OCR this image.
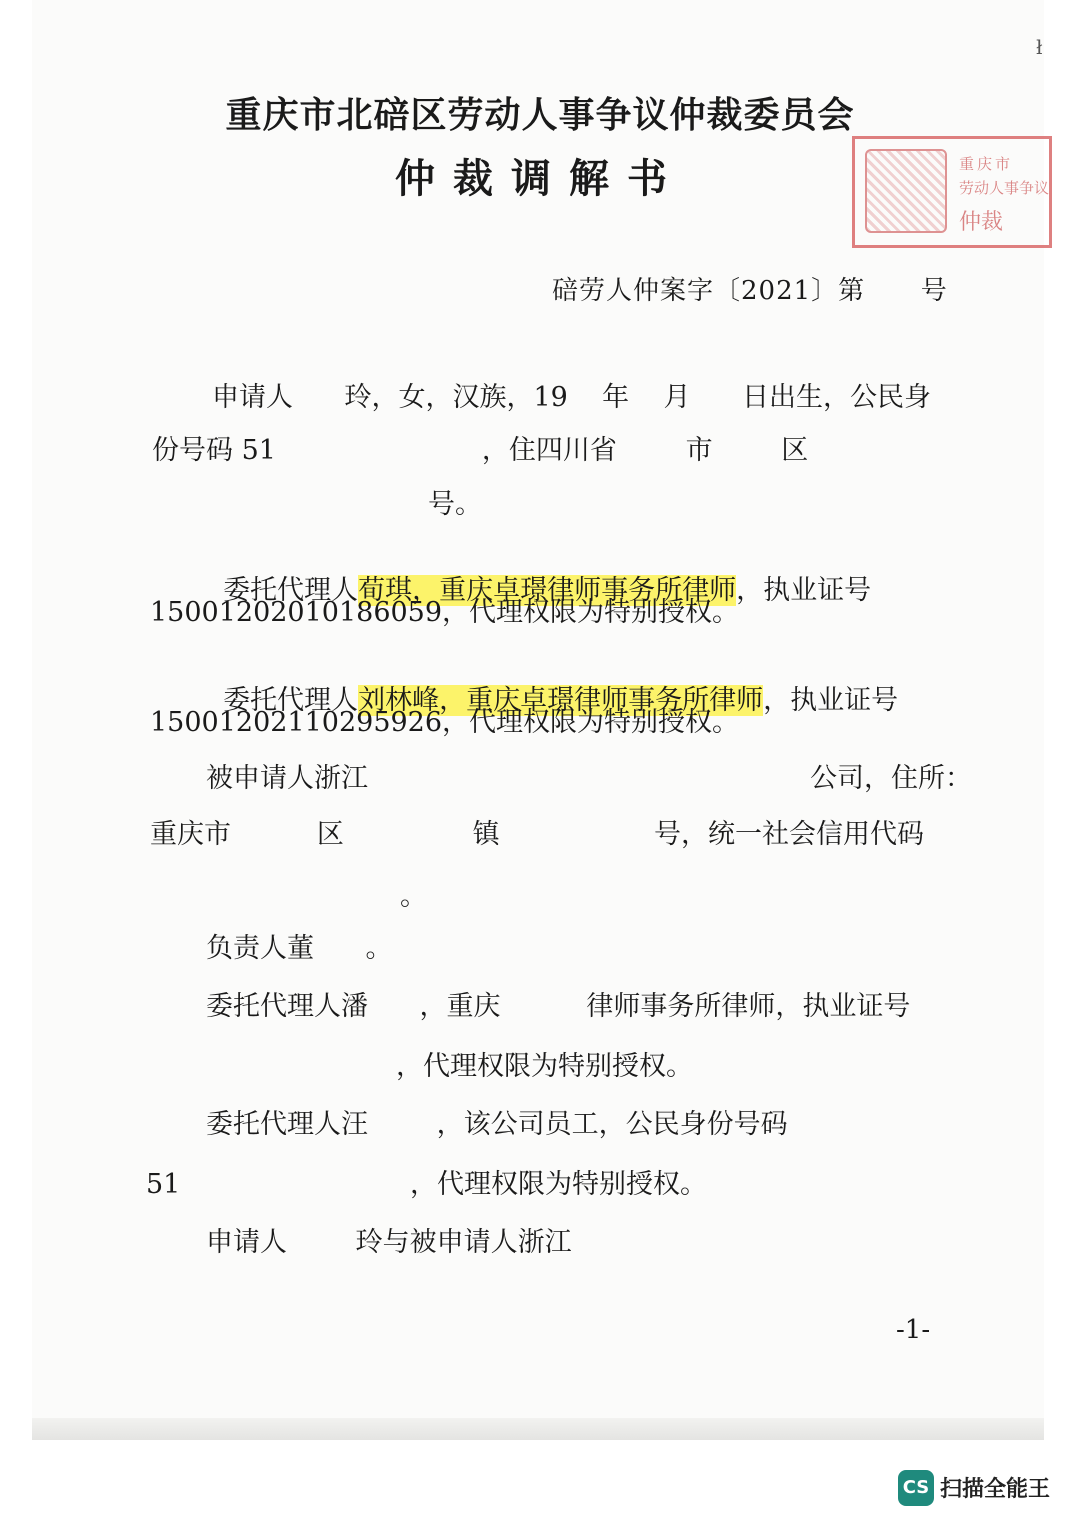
ł
重庆市北碚区劳动人事争议仲裁委员会
仲裁调解书	重庆市
劳动人事争议
仲裁
碚劳人仲案字〔2021〕第      号
申请人      玲，女，汉族，19    年    月      日出生，公民身
份号码 51                        ，住四川省        市        区
号。

委托代理人荀琪，重庆卓璟律师事务所律师，执业证号

15001202010186059，代理权限为特别授权。

委托代理人刘林峰，重庆卓璟律师事务所律师，执业证号

15001202110295926，代理权限为特别授权。
被申请人浙江	公司，住所：
重庆市          区               镇                  号，统一社会信用代码
。
负责人董      。
委托代理人潘      ，重庆          律师事务所律师，执业证号
，代理权限为特别授权。
委托代理人汪        ，该公司员工，公民身份号码
51	，代理权限为特别授权。
申请人        玲与被申请人浙江
-1-
CS 扫描全能王
